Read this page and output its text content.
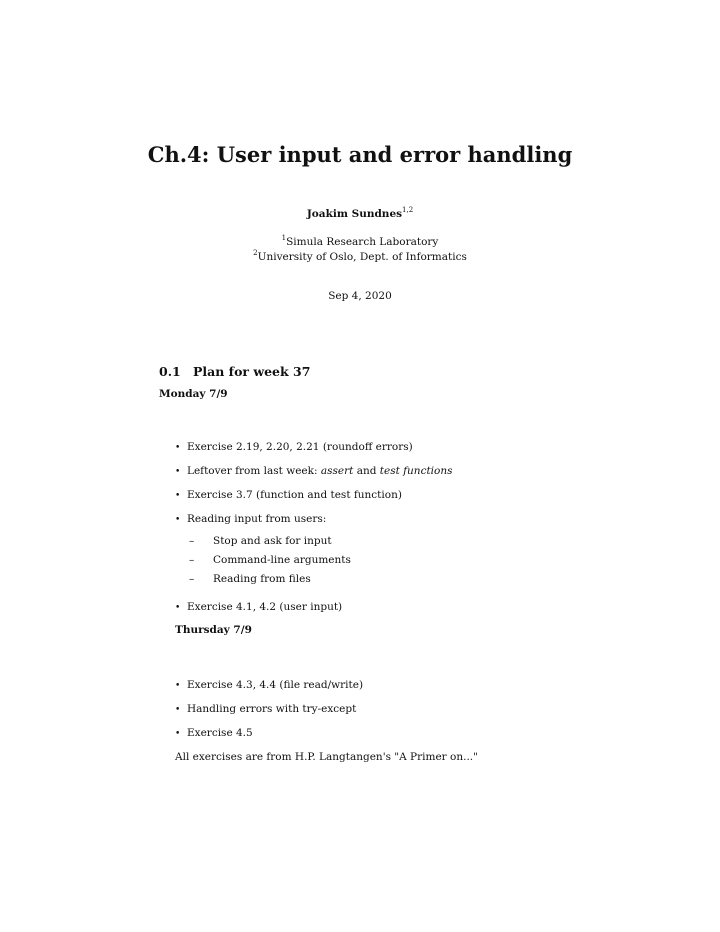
Ch.4: User input and error handling
Joakim Sundnes$^{1,2}$
$^1$Simula Research Laboratory
$^2$University of Oslo, Dept. of Informatics
Sep 4, 2020
0.1 Plan for week 37
Monday 7/9
• Exercise 2.19, 2.20, 2.21 (roundoff errors)
• Leftover from last week: assert and test functions
• Exercise 3.7 (function and test function)
• Reading input from users:
– Stop and ask for input
– Command-line arguments
– Reading from files
• Exercise 4.1, 4.2 (user input)
Thursday 7/9
• Exercise 4.3, 4.4 (file read/write)
• Handling errors with try-except
• Exercise 4.5
All exercises are from H.P. Langtangen's "A Primer on..."
